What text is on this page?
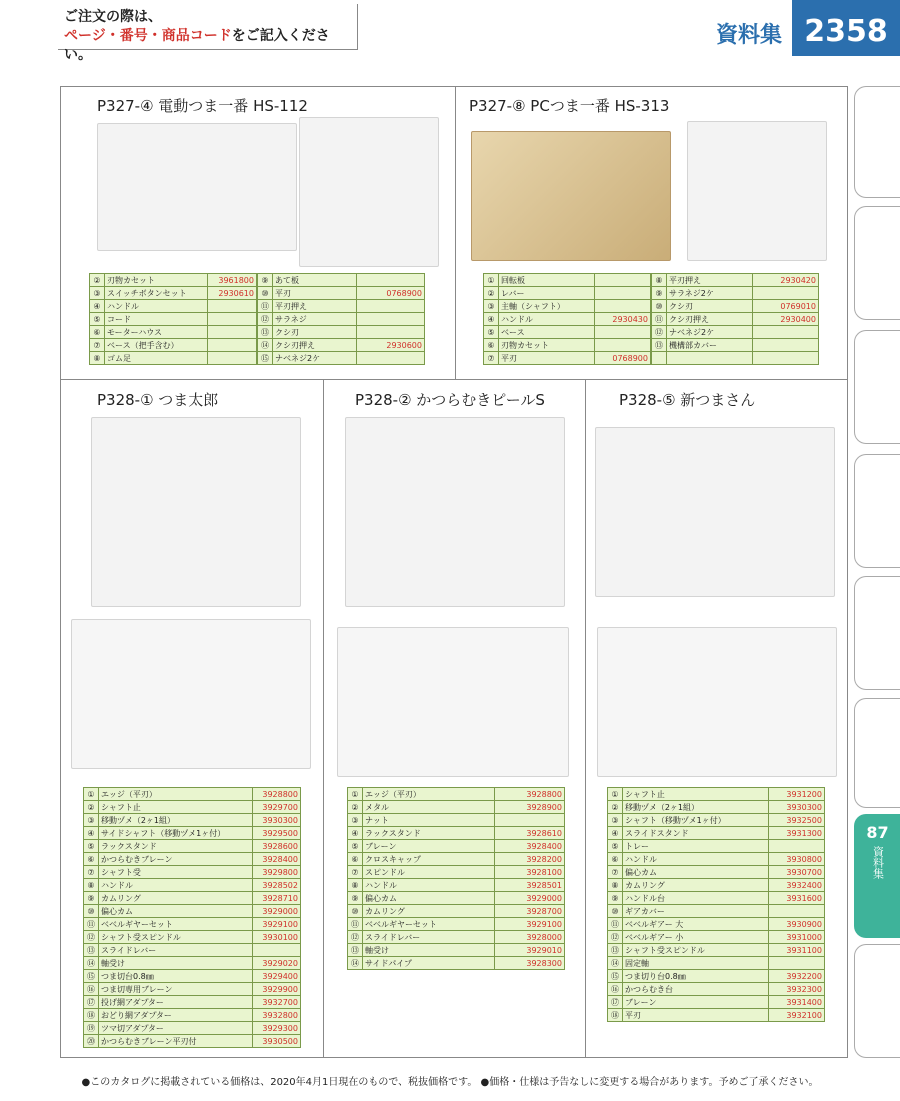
ご注文の際は、
ページ・番号・商品コードをご記入ください。
資料集 2358
87
資料集
P327-④ 電動つま一番 HS-112
②	刃物カセット	3961800
③	スイッチボタンセット	2930610
④	ハンドル	
⑤	コード	
⑥	モーターハウス	
⑦	ベース（把手含む）	
⑧	ゴム足	
⑨	あて板	
⑩	平刃	0768900
⑪	平刃押え	
⑫	サラネジ	
⑬	クシ刃	
⑭	クシ刃押え	2930600
⑮	ナベネジ2ケ	
P327-⑧ PCつま一番 HS-313
①	回転板	
②	レバー	
③	主軸（シャフト）	
④	ハンドル	2930430
⑤	ベース	
⑥	刃物カセット	
⑦	平刃	0768900
⑧	平刃押え	2930420
⑨	サラネジ2ケ	
⑩	クシ刃	0769010
⑪	クシ刃押え	2930400
⑫	ナベネジ2ケ	
⑬	機構部カバー	

P328-① つま太郎
①	エッジ（平刃）	3928800
②	シャフト止	3929700
③	移動ヅメ（2ヶ1組）	3930300
④	サイドシャフト（移動ヅメ1ヶ付）	3929500
⑤	ラックスタンド	3928600
⑥	かつらむきブレーン	3928400
⑦	シャフト受	3929800
⑧	ハンドル	3928502
⑨	カムリング	3928710
⑩	偏心カム	3929000
⑪	ベベルギヤーセット	3929100
⑫	シャフト受スピンドル	3930100
⑬	スライドレバー	
⑭	軸受け	3929020
⑮	つま切台0.8㎜	3929400
⑯	つま切専用ブレーン	3929900
⑰	投げ網アダプター	3932700
⑱	おどり網アダプター	3932800
⑲	ツマ切アダプター	3929300
⑳	かつらむきブレーン平刃付	3930500
P328-② かつらむきピールS
①	エッジ（平刃）	3928800
②	メタル	3928900
③	ナット	
④	ラックスタンド	3928610
⑤	ブレーン	3928400
⑥	クロスキャップ	3928200
⑦	スピンドル	3928100
⑧	ハンドル	3928501
⑨	偏心カム	3929000
⑩	カムリング	3928700
⑪	ベベルギヤーセット	3929100
⑫	スライドレバー	3928000
⑬	軸受け	3929010
⑭	サイドパイプ	3928300
P328-⑤ 新つまさん
①	シャフト止	3931200
②	移動ヅメ（2ヶ1組）	3930300
③	シャフト（移動ヅメ1ヶ付）	3932500
④	スライドスタンド	3931300
⑤	トレー	
⑥	ハンドル	3930800
⑦	偏心カム	3930700
⑧	カムリング	3932400
⑨	ハンドル台	3931600
⑩	ギアカバー	
⑪	ベベルギアー 大	3930900
⑫	ベベルギアー 小	3931000
⑬	シャフト受スピンドル	3931100
⑭	固定軸	
⑮	つま切り台0.8㎜	3932200
⑯	かつらむき台	3932300
⑰	ブレーン	3931400
⑱	平刃	3932100
●このカタログに掲載されている価格は、2020年4月1日現在のもので、税抜価格です。 ●価格・仕様は予告なしに変更する場合があります。予めご了承ください。
